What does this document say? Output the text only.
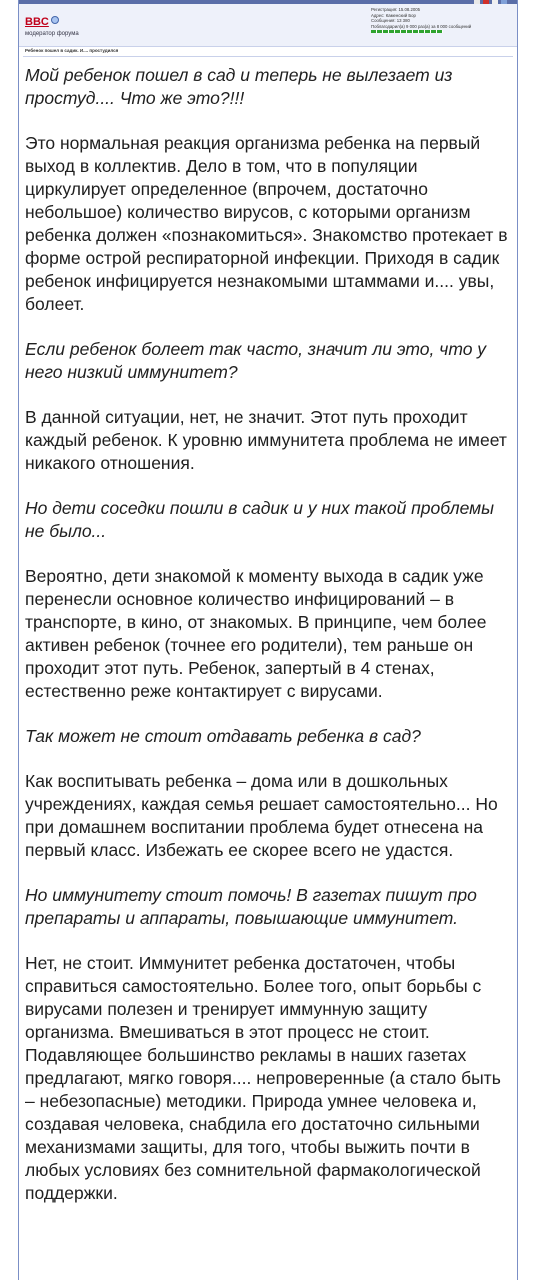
BBC
модератор форума
Регистрация: 15.08.2005
Адрес: Каменский Бор
Сообщения: 13 380
Поблагодарил(а) 9 000 раз(а) за 8 000 сообщений
Ребенок пошел в садик. И.... простудился

Мой ребенок пошел в сад и теперь не вылезает из простуд.... Что же это?!!!

Это нормальная реакция организма ребенка на первый выход в коллектив. Дело в том, что в популяции циркулирует определенное (впрочем, достаточно небольшое) количество вирусов, с которыми организм ребенка должен «познакомиться». Знакомство протекает в форме острой респираторной инфекции. Приходя в садик ребенок инфицируется незнакомыми штаммами и.... увы, болеет.

Если ребенок болеет так часто, значит ли это, что у него низкий иммунитет?

В данной ситуации, нет, не значит. Этот путь проходит каждый ребенок. К уровню иммунитета проблема не имеет никакого отношения.

Но дети соседки пошли в садик и у них такой проблемы не было...

Вероятно, дети знакомой к моменту выхода в садик уже перенесли основное количество инфицирований – в транспорте, в кино, от знакомых. В принципе, чем более активен ребенок (точнее его родители), тем раньше он проходит этот путь. Ребенок, запертый в 4 стенах, естественно реже контактирует с вирусами.

Так может не стоит отдавать ребенка в сад?

Как воспитывать ребенка – дома или в дошкольных учреждениях, каждая семья решает самостоятельно... Но при домашнем воспитании проблема будет отнесена на первый класс. Избежать ее скорее всего не удастся.

Но иммунитету стоит помочь! В газетах пишут про препараты и аппараты, повышающие иммунитет.

Нет, не стоит. Иммунитет ребенка достаточен, чтобы справиться самостоятельно. Более того, опыт борьбы с вирусами полезен и тренирует иммунную защиту организма. Вмешиваться в этот процесс не стоит. Подавляющее большинство рекламы в наших газетах предлагают, мягко говоря.... непроверенные (а стало быть – небезопасные) методики. Природа умнее человека и, создавая человека, снабдила его достаточно сильными механизмами защиты, для того, чтобы выжить почти в любых условиях без сомнительной фармакологической поддержки.
